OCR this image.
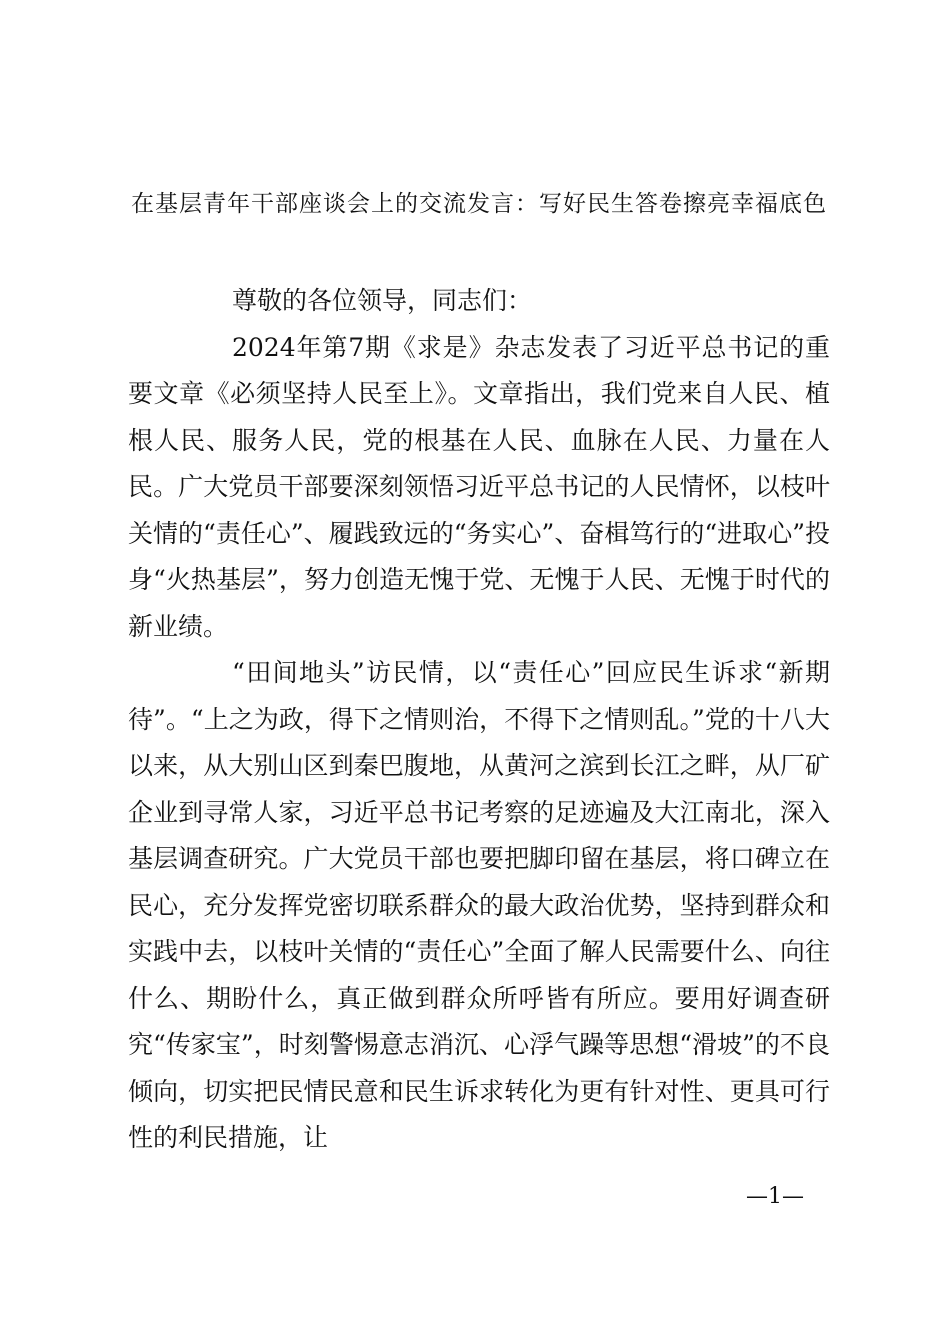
在基层青年干部座谈会上的交流发言：写好民生答卷擦亮幸福底色

尊敬的各位领导，同志们：

2024年第7期《求是》杂志发表了习近平总书记的重要文章《必须坚持人民至上》。文章指出，我们党来自人民、植根人民、服务人民，党的根基在人民、血脉在人民、力量在人民。广大党员干部要深刻领悟习近平总书记的人民情怀，以枝叶关情的“责任心”、履践致远的“务实心”、奋楫笃行的“进取心”投身“火热基层”，努力创造无愧于党、无愧于人民、无愧于时代的新业绩。

“田间地头”访民情，以“责任心”回应民生诉求“新期待”。“上之为政，得下之情则治，不得下之情则乱。”党的十八大以来，从大别山区到秦巴腹地，从黄河之滨到长江之畔，从厂矿企业到寻常人家，习近平总书记考察的足迹遍及大江南北，深入基层调查研究。广大党员干部也要把脚印留在基层，将口碑立在民心，充分发挥党密切联系群众的最大政治优势，坚持到群众和实践中去，以枝叶关情的“责任心”全面了解人民需要什么、向往什么、期盼什么，真正做到群众所呼皆有所应。要用好调查研究“传家宝”，时刻警惕意志消沉、心浮气躁等思想“滑坡”的不良倾向，切实把民情民意和民生诉求转化为更有针对性、更具可行性的利民措施，让

—1—
